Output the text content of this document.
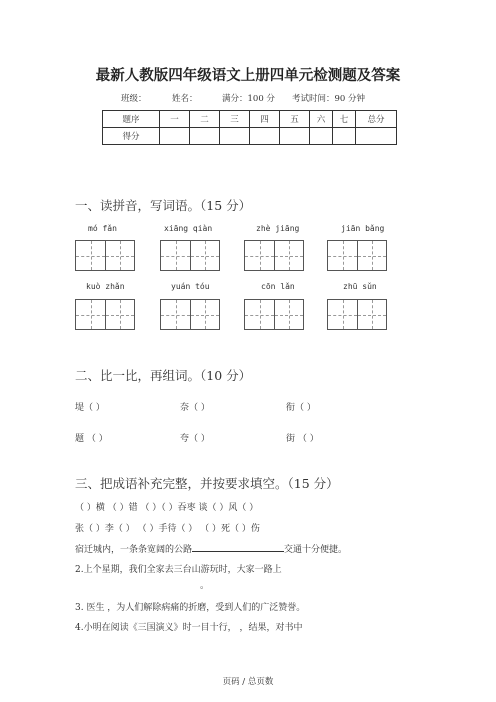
最新人教版四年级语文上册四单元检测题及答案
班级：	姓名：	满分：100 分 考试时间：90 分钟
题序	一	二	三	四	五	六	七	总分
得分								
一、读拼音，写词语。（15 分）
mó fǎn	xiāng qiàn	zhè jiāng	jiān bǎng
kuò zhǎn	yuán tóu	cōn lǎn	zhū sǔn
二、比一比，再组词。（10 分）
堤（ ）	奈（ ）	衔（ ）
题 （ ）	夸（ ）	街 （ ）
三、把成语补充完整，并按要求填空。（15 分）
（ ）横 （ ）错 （ ）（ ）吞枣 谈（ ）风（ ）
张（ ）李（ ） （ ）手待（ ） （ ）死（ ）伤
宿迁城内，一条条宽阔的公路	交通十分便捷。
2.上个星期，我们全家去三台山游玩时，大家一路上
。
3. 医生 ，为人们解除病痛的折磨，受到人们的广泛赞誉。
4.小明在阅读《三国演义》时一目十行， ，结果，对书中
页码 / 总页数
